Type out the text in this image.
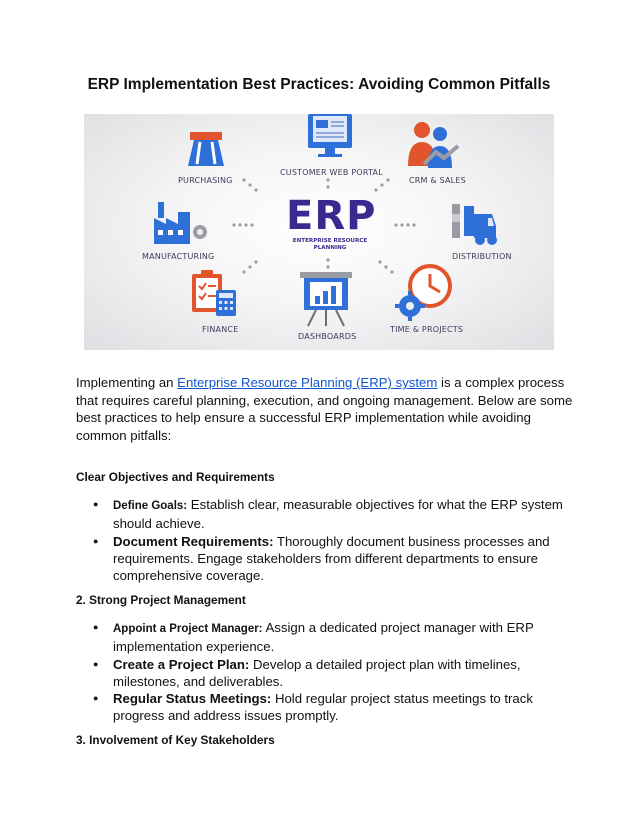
ERP Implementation Best Practices: Avoiding Common Pitfalls
ERP
ENTERPRISE RESOURCE
PLANNING
PURCHASING
CUSTOMER WEB PORTAL
CRM & SALES
MANUFACTURING	DISTRIBUTION
FINANCE
DASHBOARDS
TIME & PROJECTS

Implementing an Enterprise Resource Planning (ERP) system is a complex process that requires careful planning, execution, and ongoing management. Below are some best practices to help ensure a successful ERP implementation while avoiding common pitfalls:

Clear Objectives and Requirements
● Define Goals: Establish clear, measurable objectives for what the ERP system should achieve.
● Document Requirements: Thoroughly document business processes and requirements. Engage stakeholders from different departments to ensure comprehensive coverage.
2. Strong Project Management
● Appoint a Project Manager: Assign a dedicated project manager with ERP implementation experience.
● Create a Project Plan: Develop a detailed project plan with timelines, milestones, and deliverables.
● Regular Status Meetings: Hold regular project status meetings to track progress and address issues promptly.
3. Involvement of Key Stakeholders
